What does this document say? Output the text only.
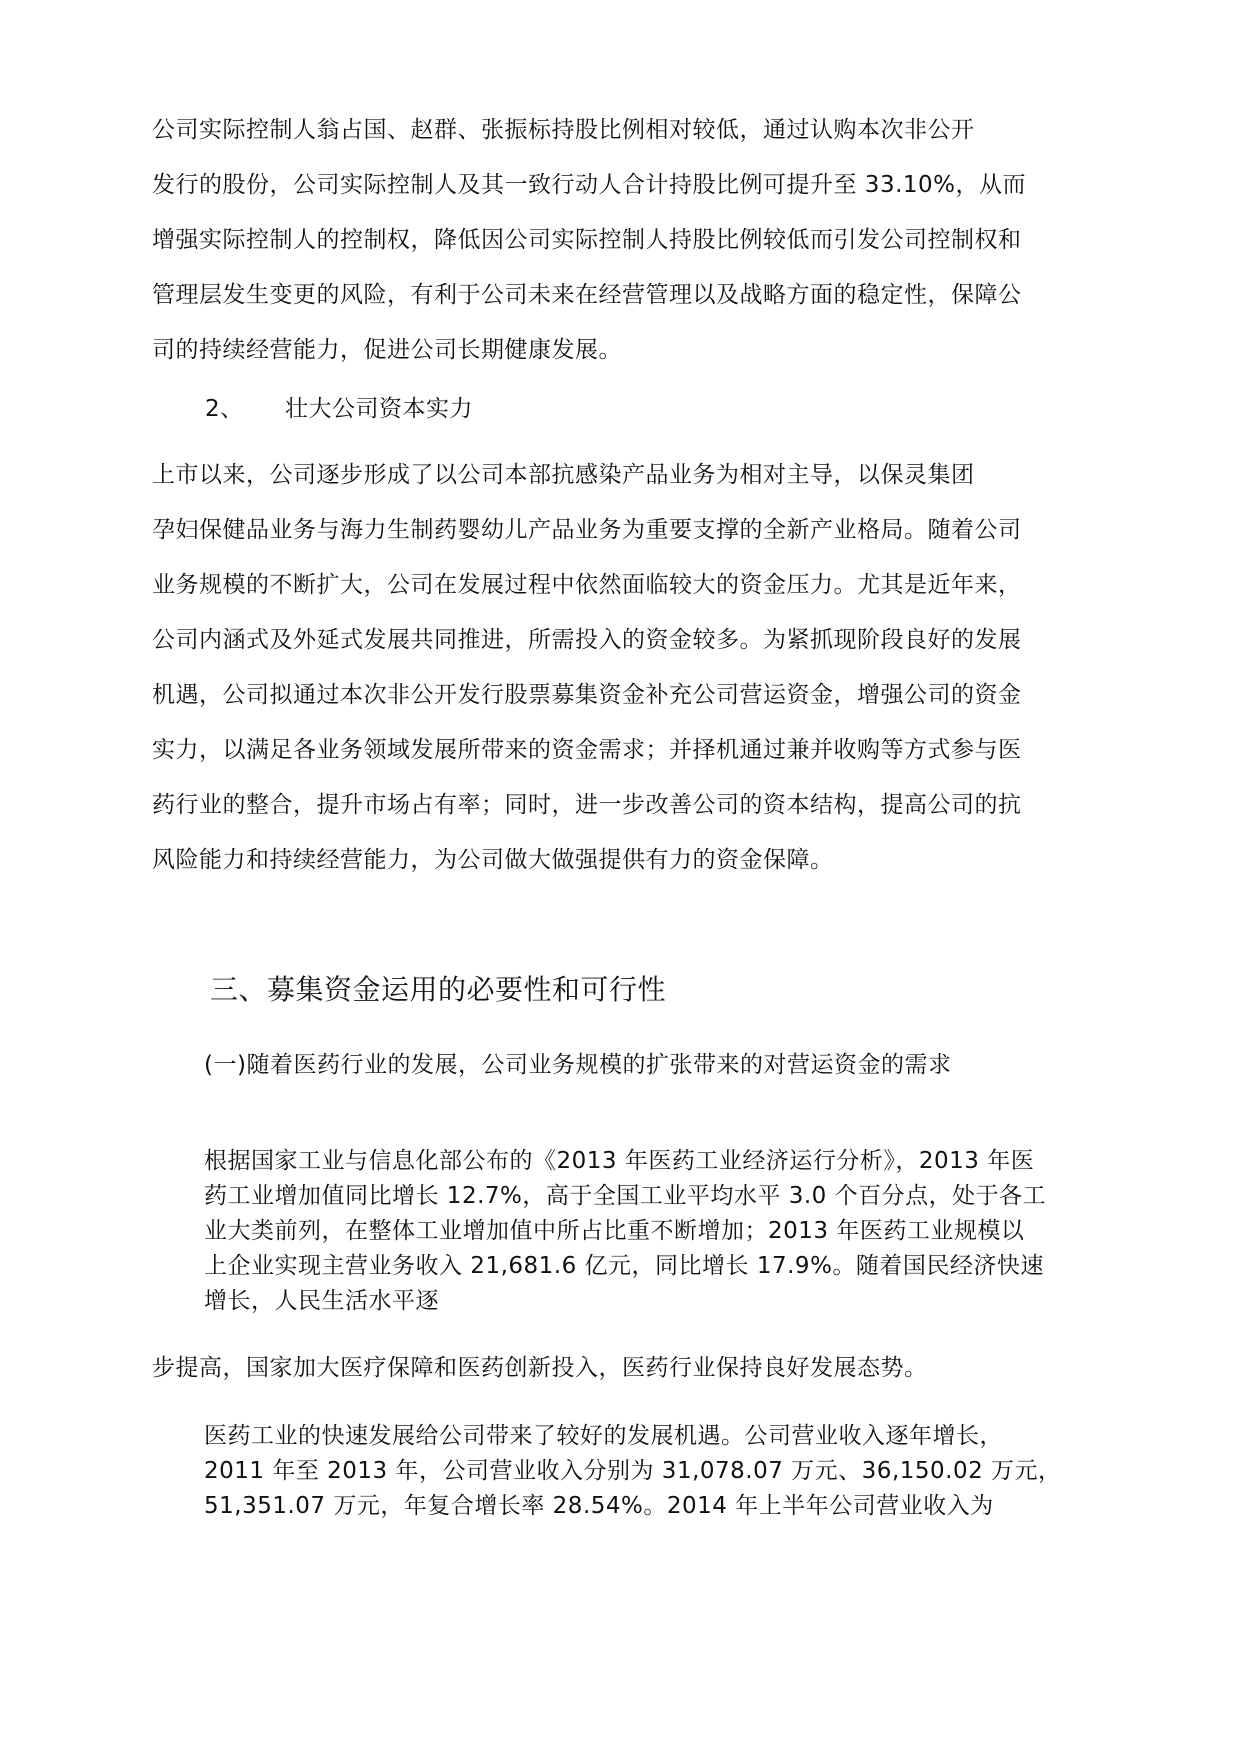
公司实际控制人翁占国、赵群、张振标持股比例相对较低，通过认购本次非公开
发行的股份，公司实际控制人及其一致行动人合计持股比例可提升至 33.10%，从而
增强实际控制人的控制权，降低因公司实际控制人持股比例较低而引发公司控制权和
管理层发生变更的风险，有利于公司未来在经营管理以及战略方面的稳定性，保障公
司的持续经营能力，促进公司长期健康发展。
2、 壮大公司资本实力
上市以来，公司逐步形成了以公司本部抗感染产品业务为相对主导，以保灵集团
孕妇保健品业务与海力生制药婴幼儿产品业务为重要支撑的全新产业格局。随着公司
业务规模的不断扩大，公司在发展过程中依然面临较大的资金压力。尤其是近年来，
公司内涵式及外延式发展共同推进，所需投入的资金较多。为紧抓现阶段良好的发展
机遇，公司拟通过本次非公开发行股票募集资金补充公司营运资金，增强公司的资金
实力，以满足各业务领域发展所带来的资金需求；并择机通过兼并收购等方式参与医
药行业的整合，提升市场占有率；同时，进一步改善公司的资本结构，提高公司的抗
风险能力和持续经营能力，为公司做大做强提供有力的资金保障。
三、募集资金运用的必要性和可行性
(一)随着医药行业的发展，公司业务规模的扩张带来的对营运资金的需求
根据国家工业与信息化部公布的《2013 年医药工业经济运行分析》，2013 年医
药工业增加值同比增长 12.7%，高于全国工业平均水平 3.0 个百分点，处于各工
业大类前列，在整体工业增加值中所占比重不断增加；2013 年医药工业规模以
上企业实现主营业务收入 21,681.6 亿元，同比增长 17.9%。随着国民经济快速
增长，人民生活水平逐
步提高，国家加大医疗保障和医药创新投入，医药行业保持良好发展态势。
医药工业的快速发展给公司带来了较好的发展机遇。公司营业收入逐年增长，
2011 年至 2013 年，公司营业收入分别为 31,078.07 万元、36,150.02 万元，
51,351.07 万元，年复合增长率 28.54%。2014 年上半年公司营业收入为
